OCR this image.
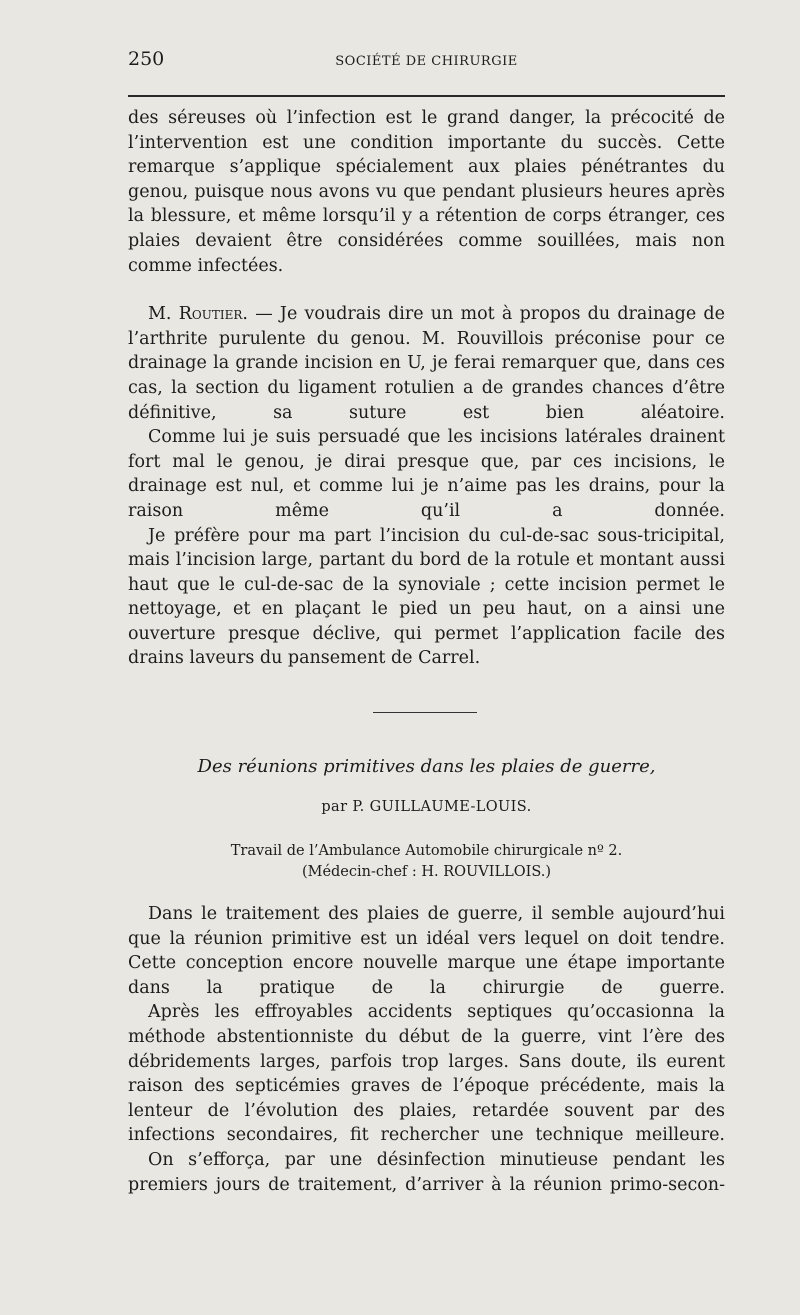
250	SOCIÉTÉ DE CHIRURGIE

des séreuses où l’infection est le grand danger, la précocité de l’intervention est une condition importante du succès. Cette remarque s’applique spécialement aux plaies pénétrantes du genou, puisque nous avons vu que pendant plusieurs heures après la blessure, et même lorsqu’il y a rétention de corps étranger, ces plaies devaient être considérées comme souillées, mais non comme infectées.

M. Routier. — Je voudrais dire un mot à propos du drainage de l’arthrite purulente du genou. M. Rouvillois préconise pour ce drainage la grande incision en U, je ferai remarquer que, dans ces cas, la section du ligament rotulien a de grandes chances d’être définitive, sa suture est bien aléatoire.

Comme lui je suis persuadé que les incisions latérales drainent fort mal le genou, je dirai presque que, par ces incisions, le drainage est nul, et comme lui je n’aime pas les drains, pour la raison même qu’il a donnée.

Je préfère pour ma part l’incision du cul-de-sac sous-tricipital, mais l’incision large, partant du bord de la rotule et montant aussi haut que le cul-de-sac de la synoviale ; cette incision permet le nettoyage, et en plaçant le pied un peu haut, on a ainsi une ouverture presque déclive, qui permet l’application facile des drains laveurs du pansement de Carrel.

Des réunions primitives dans les plaies de guerre,
par P. GUILLAUME-LOUIS.
Travail de l’Ambulance Automobile chirurgicale nº 2.
(Médecin-chef : H. ROUVILLOIS.)

Dans le traitement des plaies de guerre, il semble aujourd’hui que la réunion primitive est un idéal vers lequel on doit tendre. Cette conception encore nouvelle marque une étape importante dans la pratique de la chirurgie de guerre.

Après les effroyables accidents septiques qu’occasionna la méthode abstentionniste du début de la guerre, vint l’ère des débridements larges, parfois trop larges. Sans doute, ils eurent raison des septicémies graves de l’époque précédente, mais la lenteur de l’évolution des plaies, retardée souvent par des infections secondaires, fit rechercher une technique meilleure.

On s’efforça, par une désinfection minutieuse pendant les premiers jours de traitement, d’arriver à la réunion primo-secon-
